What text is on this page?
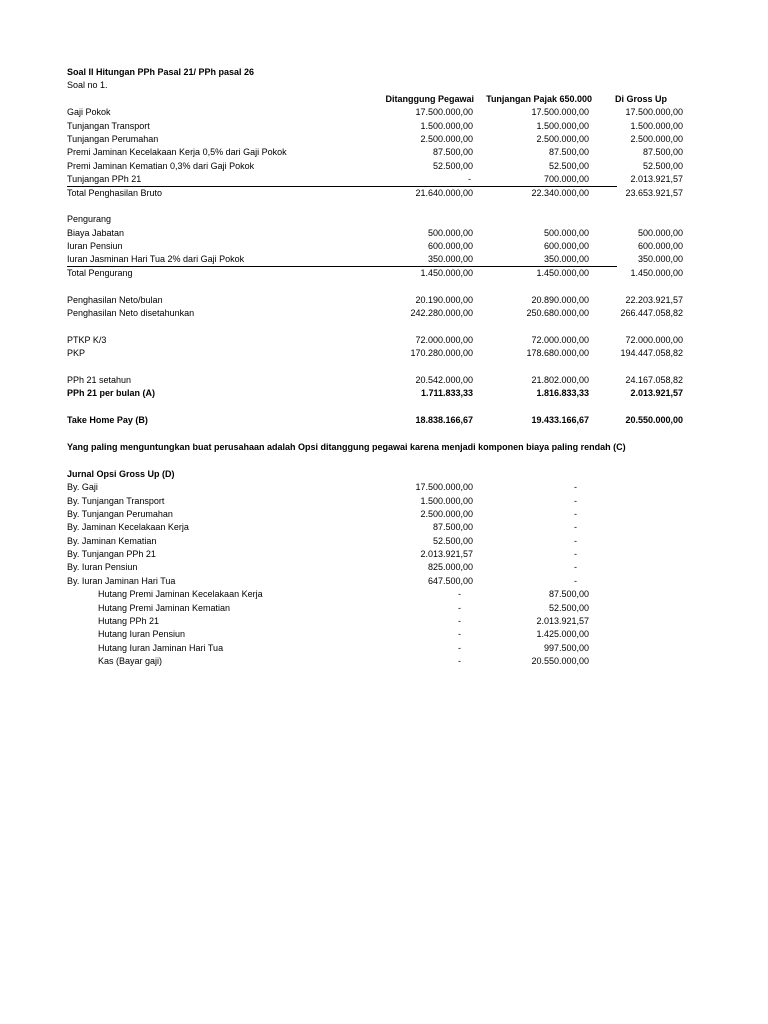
Soal II Hitungan PPh Pasal 21/ PPh pasal 26
Soal no 1.
Ditanggung Pegawai	Tunjangan Pajak 650.000	Di Gross Up
Gaji Pokok	17.500.000,00	17.500.000,00	17.500.000,00
Tunjangan Transport	1.500.000,00	1.500.000,00	1.500.000,00
Tunjangan Perumahan	2.500.000,00	2.500.000,00	2.500.000,00
Premi Jaminan Kecelakaan Kerja 0,5% dari Gaji Pokok	87.500,00	87.500,00	87.500,00
Premi Jaminan Kematian 0,3% dari Gaji Pokok	52.500,00	52.500,00	52.500,00
Tunjangan PPh 21	-	700.000,00	2.013.921,57
Total Penghasilan Bruto	21.640.000,00	22.340.000,00	23.653.921,57
Pengurang
Biaya Jabatan	500.000,00	500.000,00	500.000,00
Iuran Pensiun	600.000,00	600.000,00	600.000,00
Iuran Jasminan Hari Tua 2% dari Gaji Pokok	350.000,00	350.000,00	350.000,00
Total Pengurang	1.450.000,00	1.450.000,00	1.450.000,00
Penghasilan Neto/bulan	20.190.000,00	20.890.000,00	22.203.921,57
Penghasilan Neto disetahunkan	242.280.000,00	250.680.000,00	266.447.058,82
PTKP K/3	72.000.000,00	72.000.000,00	72.000.000,00
PKP	170.280.000,00	178.680.000,00	194.447.058,82
PPh 21 setahun	20.542.000,00	21.802.000,00	24.167.058,82
PPh 21 per bulan (A)	1.711.833,33	1.816.833,33	2.013.921,57
Take Home Pay (B)	18.838.166,67	19.433.166,67	20.550.000,00
Yang paling menguntungkan buat perusahaan adalah Opsi ditanggung pegawai karena menjadi komponen biaya paling rendah (C)
Jurnal Opsi Gross Up (D)
By. Gaji	17.500.000,00	-
By. Tunjangan Transport	1.500.000,00	-
By. Tunjangan Perumahan	2.500.000,00	-
By. Jaminan Kecelakaan Kerja	87.500,00	-
By. Jaminan Kematian	52.500,00	-
By. Tunjangan PPh 21	2.013.921,57	-
By. Iuran Pensiun	825.000,00	-
By. Iuran Jaminan Hari Tua	647.500,00	-
Hutang Premi Jaminan Kecelakaan Kerja	-	87.500,00
Hutang Premi Jaminan Kematian	-	52.500,00
Hutang PPh 21	-	2.013.921,57
Hutang Iuran Pensiun	-	1.425.000,00
Hutang Iuran Jaminan Hari Tua	-	997.500,00
Kas (Bayar gaji)	-	20.550.000,00
